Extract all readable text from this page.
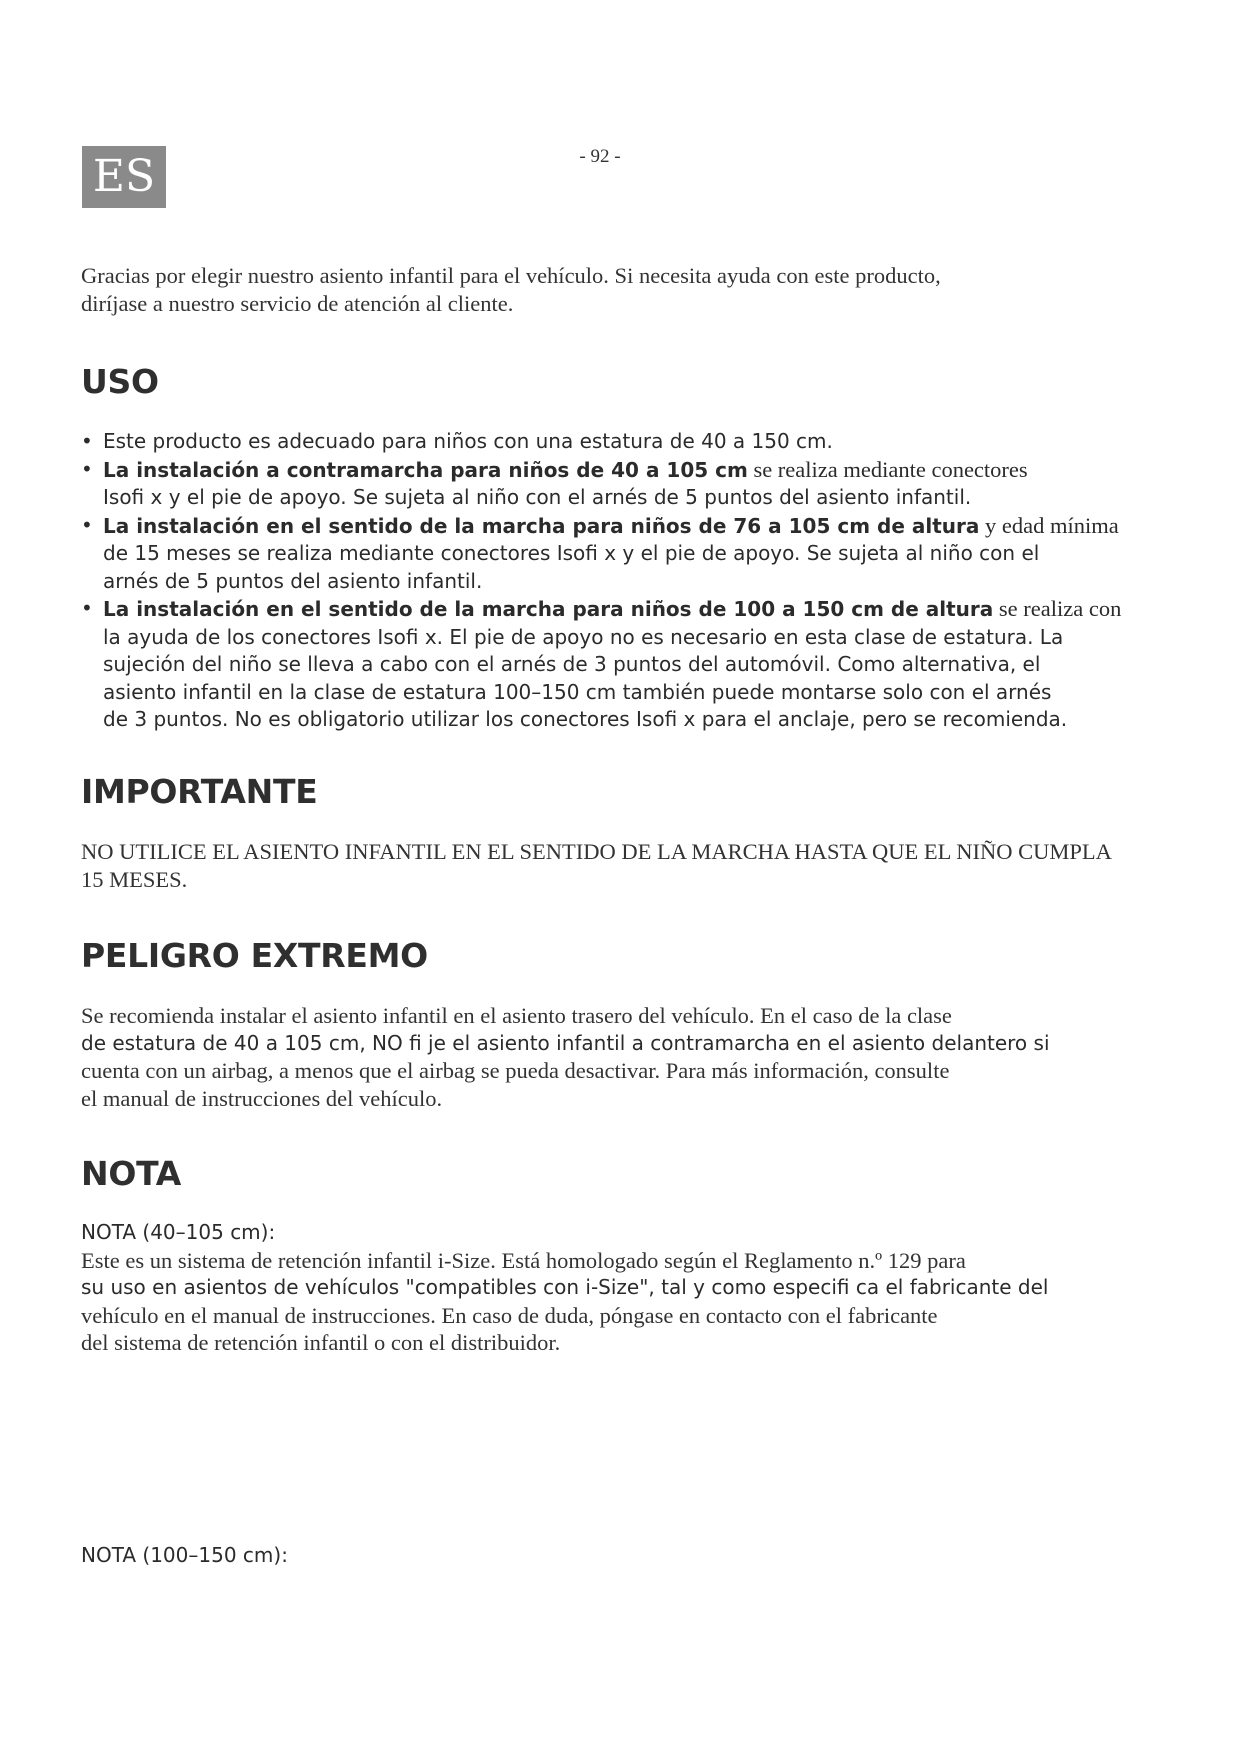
ES	- 92 -
Gracias por elegir nuestro asiento infantil para el vehículo. Si necesita ayuda con este producto,
diríjase a nuestro servicio de atención al cliente.
USO
• Este producto es adecuado para niños con una estatura de 40 a 150 cm.
• La instalación a contramarcha para niños de 40 a 105 cm se realiza mediante conectores
Isofi x y el pie de apoyo. Se sujeta al niño con el arnés de 5 puntos del asiento infantil.
• La instalación en el sentido de la marcha para niños de 76 a 105 cm de altura y edad mínima
de 15 meses se realiza mediante conectores Isofi x y el pie de apoyo. Se sujeta al niño con el
arnés de 5 puntos del asiento infantil.
• La instalación en el sentido de la marcha para niños de 100 a 150 cm de altura se realiza con
la ayuda de los conectores Isofi x. El pie de apoyo no es necesario en esta clase de estatura. La
sujeción del niño se lleva a cabo con el arnés de 3 puntos del automóvil. Como alternativa, el
asiento infantil en la clase de estatura 100–150 cm también puede montarse solo con el arnés
de 3 puntos. No es obligatorio utilizar los conectores Isofi x para el anclaje, pero se recomienda.
IMPORTANTE
NO UTILICE EL ASIENTO INFANTIL EN EL SENTIDO DE LA MARCHA HASTA QUE EL NIÑO CUMPLA
15 MESES.
PELIGRO EXTREMO
Se recomienda instalar el asiento infantil en el asiento trasero del vehículo. En el caso de la clase
de estatura de 40 a 105 cm, NO fi je el asiento infantil a contramarcha en el asiento delantero si
cuenta con un airbag, a menos que el airbag se pueda desactivar. Para más información, consulte
el manual de instrucciones del vehículo.
NOTA
NOTA (40–105 cm):
Este es un sistema de retención infantil i-Size. Está homologado según el Reglamento n.º 129 para
su uso en asientos de vehículos "compatibles con i-Size", tal y como especifi ca el fabricante del
vehículo en el manual de instrucciones. En caso de duda, póngase en contacto con el fabricante
del sistema de retención infantil o con el distribuidor.
NOTA (100–150 cm):
